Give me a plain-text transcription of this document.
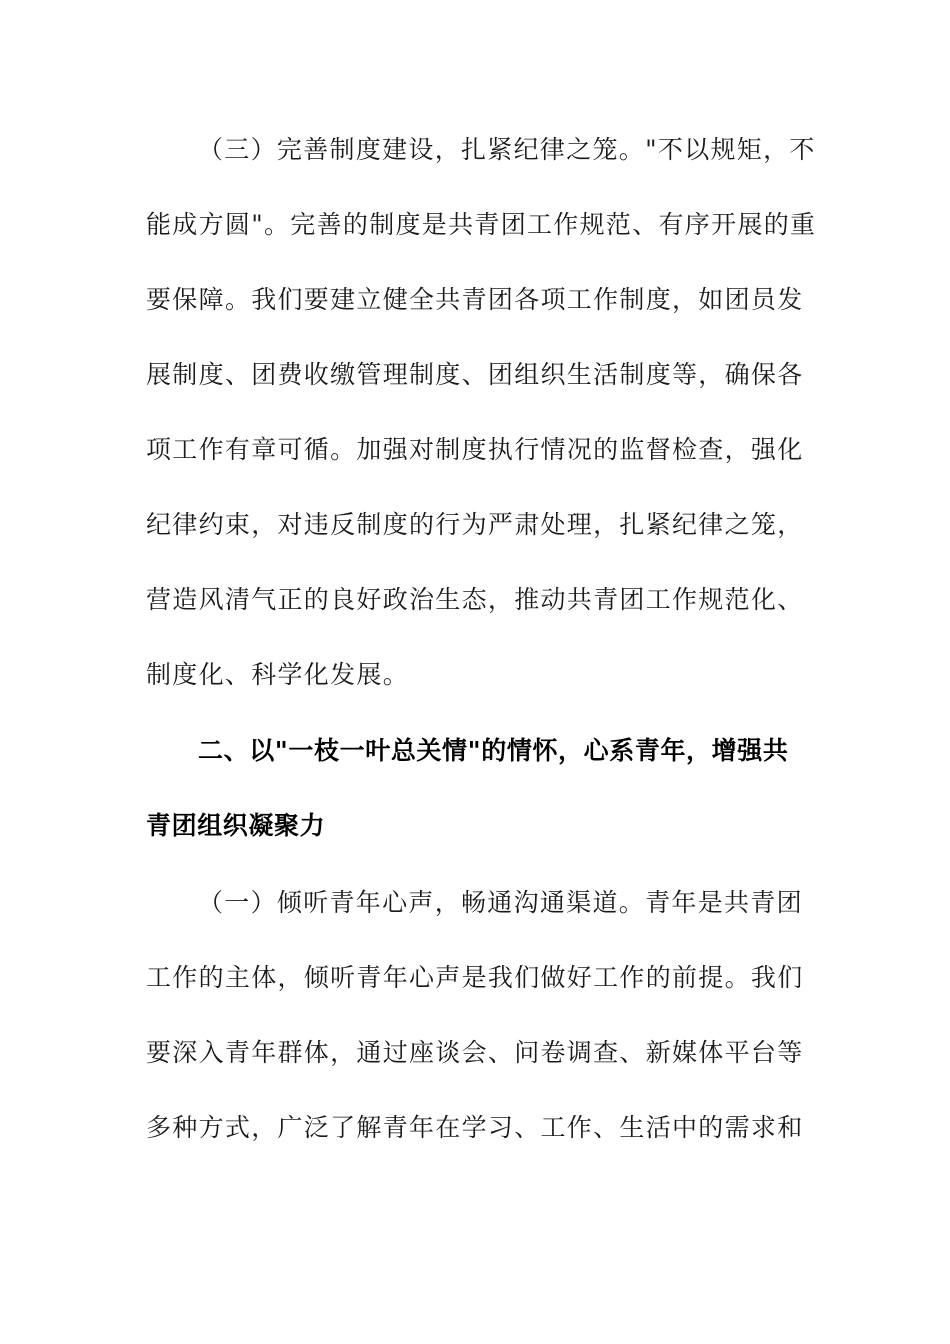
（三）完善制度建设，扎紧纪律之笼。"不以规矩，不
能成方圆"。完善的制度是共青团工作规范、有序开展的重
要保障。我们要建立健全共青团各项工作制度，如团员发
展制度、团费收缴管理制度、团组织生活制度等，确保各
项工作有章可循。加强对制度执行情况的监督检查，强化
纪律约束，对违反制度的行为严肃处理，扎紧纪律之笼，
营造风清气正的良好政治生态，推动共青团工作规范化、
制度化、科学化发展。
二、以"一枝一叶总关情"的情怀，心系青年，增强共
青团组织凝聚力
（一）倾听青年心声，畅通沟通渠道。青年是共青团
工作的主体，倾听青年心声是我们做好工作的前提。我们
要深入青年群体，通过座谈会、问卷调查、新媒体平台等
多种方式，广泛了解青年在学习、工作、生活中的需求和
